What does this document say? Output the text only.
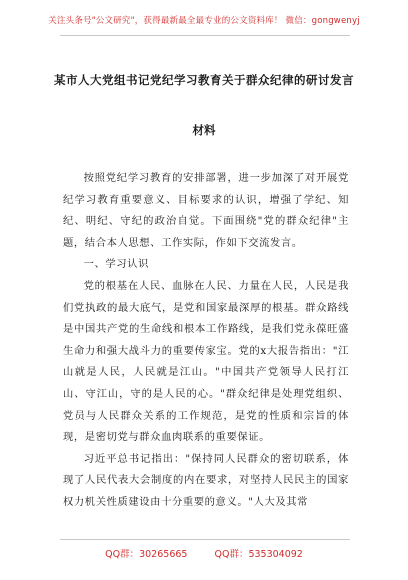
关注头条号"公文研究"，获得最新最全最专业的公文资料库！ 微信：gongwenyj
某市人大党组书记党纪学习教育关于群众纪律的研讨发言
材料

按照党纪学习教育的安排部署，进一步加深了对开展党纪学习教育重要意义、目标要求的认识，增强了学纪、知纪、明纪、守纪的政治自觉。下面围绕"党的群众纪律"主题，结合本人思想、工作实际，作如下交流发言。

一、学习认识

党的根基在人民、血脉在人民、力量在人民，人民是我们党执政的最大底气，是党和国家最深厚的根基。群众路线是中国共产党的生命线和根本工作路线，是我们党永葆旺盛生命力和强大战斗力的重要传家宝。党的x大报告指出："江山就是人民，人民就是江山。"中国共产党领导人民打江山、守江山，守的是人民的心。"群众纪律是处理党组织、党员与人民群众关系的工作规范，是党的性质和宗旨的体现，是密切党与群众血肉联系的重要保证。

习近平总书记指出："保持同人民群众的密切联系，体现了人民代表大会制度的内在要求，对坚持人民民主的国家权力机关性质建设由十分重要的意义。"人大及其常

QQ群：30265665	QQ群：535304092
